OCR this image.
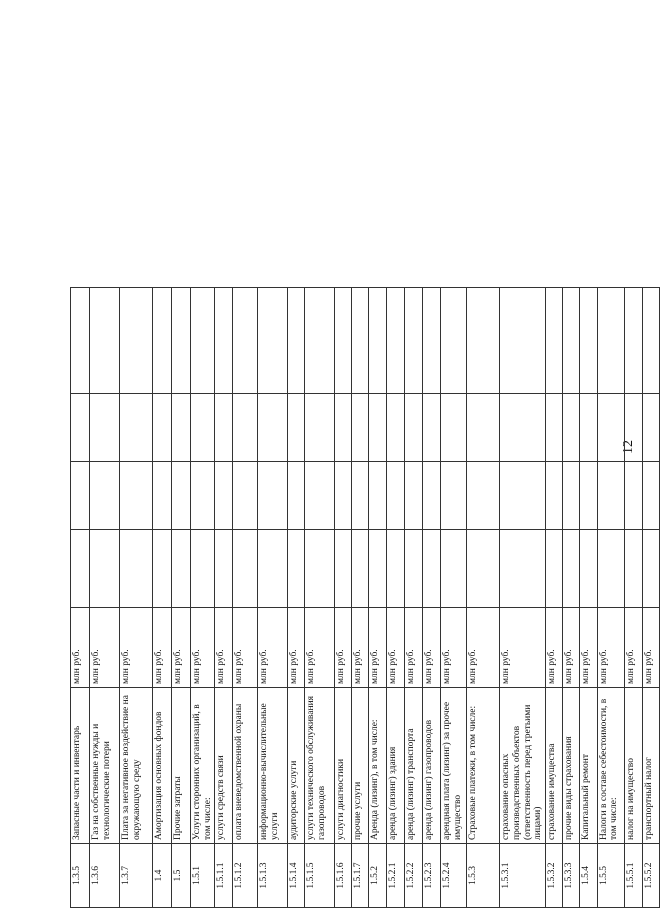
12
1.3.5	Запасные части и инвентарь	млн руб.				
1.3.6	Газ на собственные нужды и технологические потери	млн руб.				
1.3.7	Плата за негативное воздействие на окружающую среду	млн руб.				
1.4	Амортизация основных фондов	млн руб.				
1.5	Прочие затраты	млн руб.				
1.5.1	Услуги сторонних организаций, в том числе:	млн руб.				
1.5.1.1	услуги средств связи	млн руб.				
1.5.1.2	оплата вневедомственной охраны	млн руб.				
1.5.1.3	информационно-вычислительные услуги	млн руб.				
1.5.1.4	аудиторские услуги	млн руб.				
1.5.1.5	услуги технического обслуживания газопроводов	млн руб.				
1.5.1.6	услуги диагностики	млн руб.				
1.5.1.7	прочие услуги	млн руб.				
1.5.2	Аренда (лизинг), в том числе:	млн руб.				
1.5.2.1	аренда (лизинг) здания	млн руб.				
1.5.2.2	аренда (лизинг) транспорта	млн руб.				
1.5.2.3	аренда (лизинг) газопроводов	млн руб.				
1.5.2.4	арендная плата (лизинг) за прочее имущество	млн руб.				
1.5.3	Страховые платежи, в том числе:	млн руб.				
1.5.3.1	страхование опасных производственных объектов (ответственность перед третьими лицами)	млн руб.				
1.5.3.2	страхование имущества	млн руб.				
1.5.3.3	прочие виды страхования	млн руб.				
1.5.4	Капитальный ремонт	млн руб.				
1.5.5	Налоги в составе себестоимости, в том числе:	млн руб.				
1.5.5.1	налог на имущество	млн руб.				
1.5.5.2	транспортный налог	млн руб.				
